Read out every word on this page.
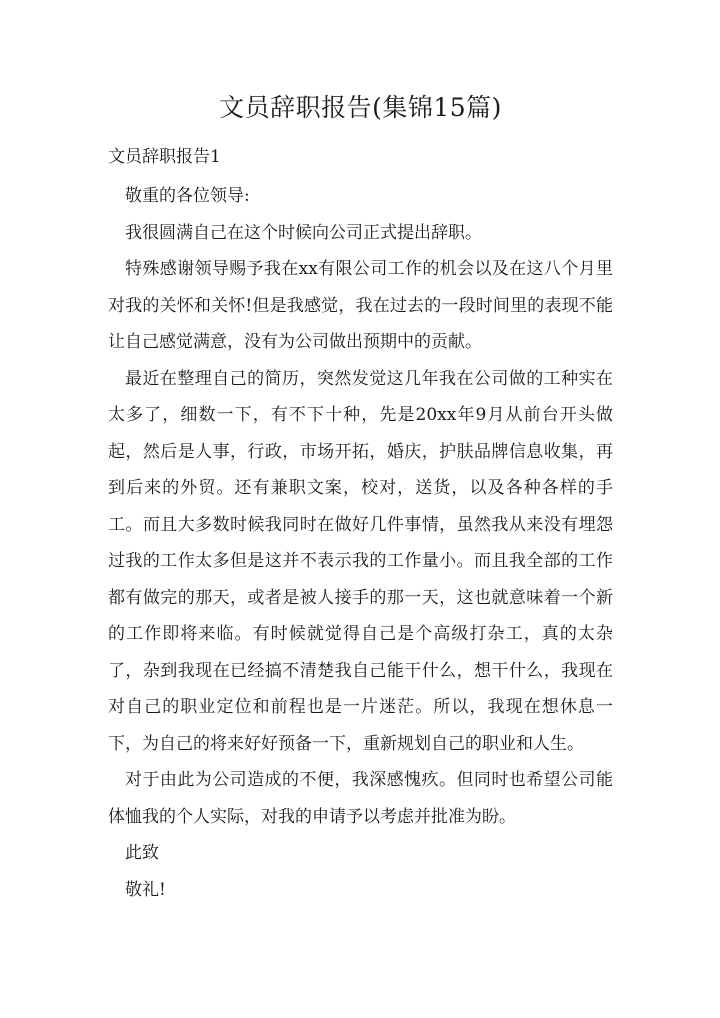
文员辞职报告(集锦15篇)
文员辞职报告1

敬重的各位领导:

我很圆满自己在这个时候向公司正式提出辞职。

特殊感谢领导赐予我在xx有限公司工作的机会以及在这八个月里对我的关怀和关怀!但是我感觉，我在过去的一段时间里的表现不能让自己感觉满意，没有为公司做出预期中的贡献。

最近在整理自己的简历，突然发觉这几年我在公司做的工种实在太多了，细数一下，有不下十种，先是20xx年9月从前台开头做起，然后是人事，行政，市场开拓，婚庆，护肤品牌信息收集，再到后来的外贸。还有兼职文案，校对，送货，以及各种各样的手工。而且大多数时候我同时在做好几件事情，虽然我从来没有埋怨过我的工作太多但是这并不表示我的工作量小。而且我全部的工作都有做完的那天，或者是被人接手的那一天，这也就意味着一个新的工作即将来临。有时候就觉得自己是个高级打杂工，真的太杂了，杂到我现在已经搞不清楚我自己能干什么，想干什么，我现在对自己的职业定位和前程也是一片迷茫。所以，我现在想休息一下，为自己的将来好好预备一下，重新规划自己的职业和人生。

对于由此为公司造成的不便，我深感愧疚。但同时也希望公司能体恤我的个人实际，对我的申请予以考虑并批准为盼。

此致

敬礼!
